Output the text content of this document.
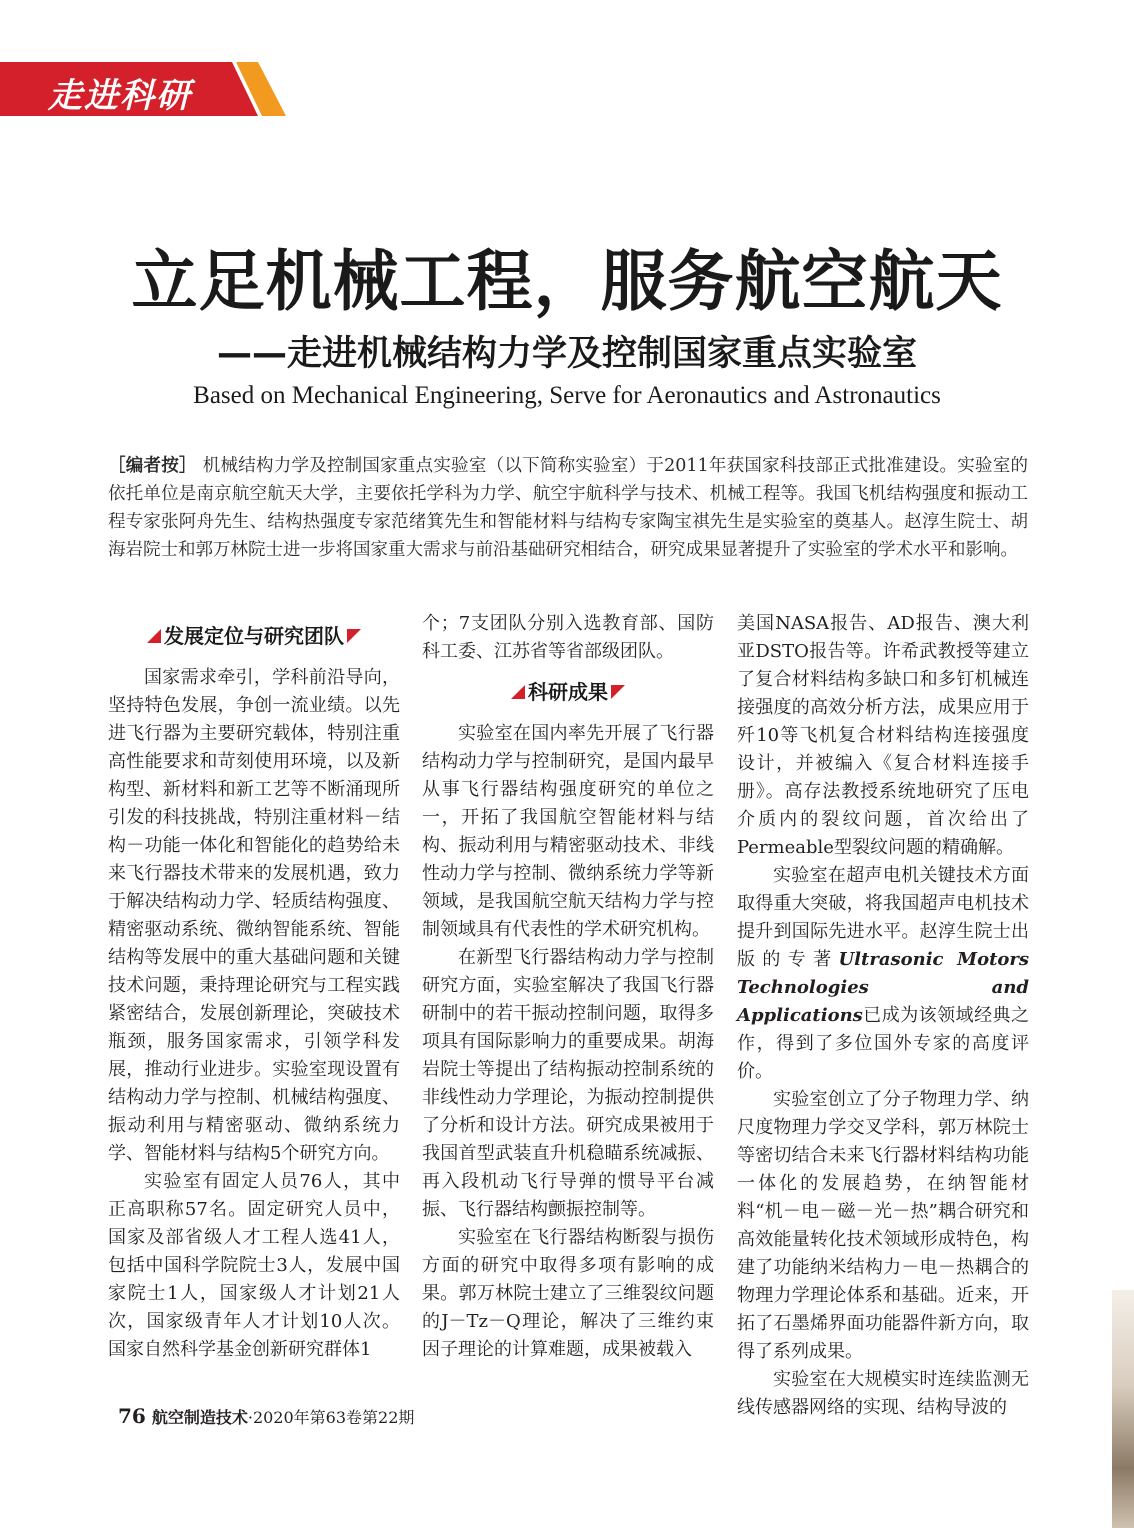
走进科研
立足机械工程，服务航空航天
——走进机械结构力学及控制国家重点实验室
Based on Mechanical Engineering, Serve for Aeronautics and Astronautics
［编者按］ 机械结构力学及控制国家重点实验室（以下简称实验室）于2011年获国家科技部正式批准建设。实验室的依托单位是南京航空航天大学，主要依托学科为力学、航空宇航科学与技术、机械工程等。我国飞机结构强度和振动工程专家张阿舟先生、结构热强度专家范绪箕先生和智能材料与结构专家陶宝祺先生是实验室的奠基人。赵淳生院士、胡海岩院士和郭万林院士进一步将国家重大需求与前沿基础研究相结合，研究成果显著提升了实验室的学术水平和影响。
发展定位与研究团队

国家需求牵引，学科前沿导向，坚持特色发展，争创一流业绩。以先进飞行器为主要研究载体，特别注重高性能要求和苛刻使用环境，以及新构型、新材料和新工艺等不断涌现所引发的科技挑战，特别注重材料－结构－功能一体化和智能化的趋势给未来飞行器技术带来的发展机遇，致力于解决结构动力学、轻质结构强度、精密驱动系统、微纳智能系统、智能结构等发展中的重大基础问题和关键技术问题，秉持理论研究与工程实践紧密结合，发展创新理论，突破技术瓶颈，服务国家需求，引领学科发展，推动行业进步。实验室现设置有结构动力学与控制、机械结构强度、振动利用与精密驱动、微纳系统力学、智能材料与结构5个研究方向。

实验室有固定人员76人，其中正高职称57名。固定研究人员中，国家及部省级人才工程人选41人，包括中国科学院院士3人，发展中国家院士1人，国家级人才计划21人次，国家级青年人才计划10人次。国家自然科学基金创新研究群体1

个；7支团队分别入选教育部、国防科工委、江苏省等省部级团队。

科研成果

实验室在国内率先开展了飞行器结构动力学与控制研究，是国内最早从事飞行器结构强度研究的单位之一，开拓了我国航空智能材料与结构、振动利用与精密驱动技术、非线性动力学与控制、微纳系统力学等新领域，是我国航空航天结构力学与控制领域具有代表性的学术研究机构。

在新型飞行器结构动力学与控制研究方面，实验室解决了我国飞行器研制中的若干振动控制问题，取得多项具有国际影响力的重要成果。胡海岩院士等提出了结构振动控制系统的非线性动力学理论，为振动控制提供了分析和设计方法。研究成果被用于我国首型武装直升机稳瞄系统减振、再入段机动飞行导弹的惯导平台减振、飞行器结构颤振控制等。

实验室在飞行器结构断裂与损伤方面的研究中取得多项有影响的成果。郭万林院士建立了三维裂纹问题的J－Tz－Q理论，解决了三维约束因子理论的计算难题，成果被载入

美国NASA报告、AD报告、澳大利亚DSTO报告等。许希武教授等建立了复合材料结构多缺口和多钉机械连接强度的高效分析方法，成果应用于歼10等飞机复合材料结构连接强度设计，并被编入《复合材料连接手册》。高存法教授系统地研究了压电介质内的裂纹问题，首次给出了Permeable型裂纹问题的精确解。

实验室在超声电机关键技术方面取得重大突破，将我国超声电机技术提升到国际先进水平。赵淳生院士出版的专著Ultrasonic Motors Technologies and Applications已成为该领域经典之作，得到了多位国外专家的高度评价。

实验室创立了分子物理力学、纳尺度物理力学交叉学科，郭万林院士等密切结合未来飞行器材料结构功能一体化的发展趋势，在纳智能材料“机－电－磁－光－热”耦合研究和高效能量转化技术领域形成特色，构建了功能纳米结构力－电－热耦合的物理力学理论体系和基础。近来，开拓了石墨烯界面功能器件新方向，取得了系列成果。

实验室在大规模实时连续监测无线传感器网络的实现、结构导波的

76 航空制造技术·2020年第63卷第22期
